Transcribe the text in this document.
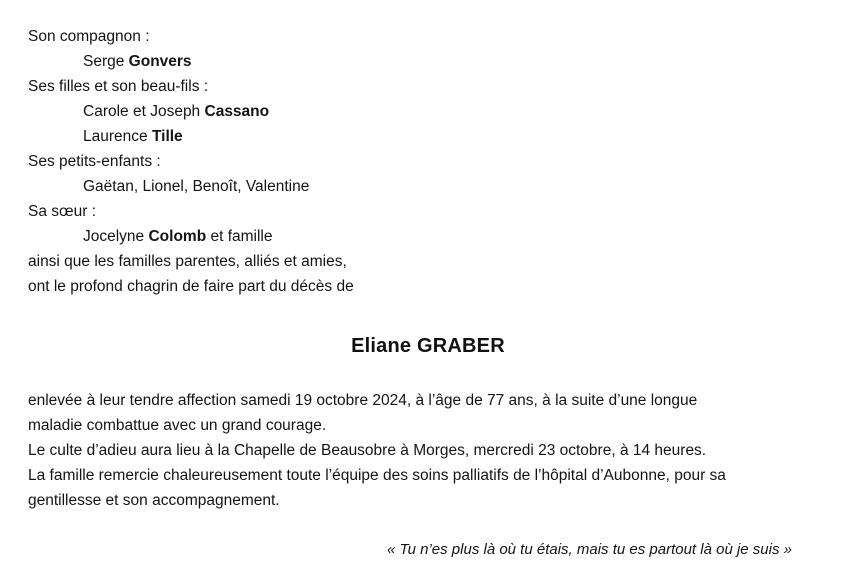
Son compagnon :
Serge Gonvers
Ses filles et son beau-fils :
Carole et Joseph Cassano
Laurence Tille
Ses petits-enfants :
Gaëtan, Lionel, Benoît, Valentine
Sa sœur :
Jocelyne Colomb et famille
ainsi que les familles parentes, alliés et amies,
ont le profond chagrin de faire part du décès de
Eliane GRABER
enlevée à leur tendre affection samedi 19 octobre 2024, à l’âge de 77 ans, à la suite d’une longue
maladie combattue avec un grand courage.
Le culte d’adieu aura lieu à la Chapelle de Beausobre à Morges, mercredi 23 octobre, à 14 heures.
La famille remercie chaleureusement toute l’équipe des soins palliatifs de l’hôpital d’Aubonne, pour sa
gentillesse et son accompagnement.
« Tu n’es plus là où tu étais, mais tu es partout là où je suis »
